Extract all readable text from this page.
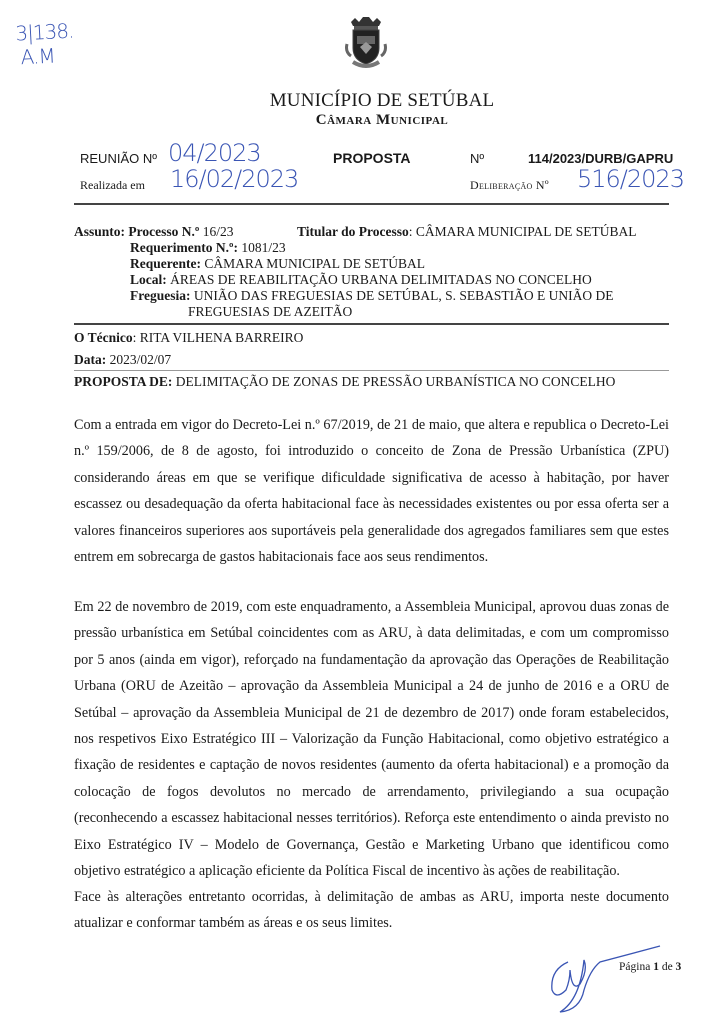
3|138.
A.M
MUNICÍPIO DE SETÚBAL
Câmara Municipal
REUNIÃO Nº 04/2023	PROPOSTA	Nº	114/2023/DURB/GAPRU
Realizada em 16/02/2023	Deliberação Nº 516/2023
Assunto: Processo N.º 16/23	Titular do Processo: CÂMARA MUNICIPAL DE SETÚBAL
Requerimento N.º: 1081/23
Requerente: CÂMARA MUNICIPAL DE SETÚBAL
Local: ÁREAS DE REABILITAÇÃO URBANA DELIMITADAS NO CONCELHO
Freguesia: UNIÃO DAS FREGUESIAS DE SETÚBAL, S. SEBASTIÃO E UNIÃO DE
FREGUESIAS DE AZEITÃO
O Técnico: RITA VILHENA BARREIRO
Data: 2023/02/07
PROPOSTA DE: DELIMITAÇÃO DE ZONAS DE PRESSÃO URBANÍSTICA NO CONCELHO

Com a entrada em vigor do Decreto-Lei n.º 67/2019, de 21 de maio, que altera e republica o Decreto-Lei n.º 159/2006, de 8 de agosto, foi introduzido o conceito de Zona de Pressão Urbanística (ZPU) considerando áreas em que se verifique dificuldade significativa de acesso à habitação, por haver escassez ou desadequação da oferta habitacional face às necessidades existentes ou por essa oferta ser a valores financeiros superiores aos suportáveis pela generalidade dos agregados familiares sem que estes entrem em sobrecarga de gastos habitacionais face aos seus rendimentos.

Em 22 de novembro de 2019, com este enquadramento, a Assembleia Municipal, aprovou duas zonas de pressão urbanística em Setúbal coincidentes com as ARU, à data delimitadas, e com um compromisso por 5 anos (ainda em vigor), reforçado na fundamentação da aprovação das Operações de Reabilitação Urbana (ORU de Azeitão – aprovação da Assembleia Municipal a 24 de junho de 2016 e a ORU de Setúbal – aprovação da Assembleia Municipal de 21 de dezembro de 2017) onde foram estabelecidos, nos respetivos Eixo Estratégico III – Valorização da Função Habitacional, como objetivo estratégico a fixação de residentes e captação de novos residentes (aumento da oferta habitacional) e a promoção da colocação de fogos devolutos no mercado de arrendamento, privilegiando a sua ocupação (reconhecendo a escassez habitacional nesses territórios). Reforça este entendimento o ainda previsto no Eixo Estratégico IV – Modelo de Governança, Gestão e Marketing Urbano que identificou como objetivo estratégico a aplicação eficiente da Política Fiscal de incentivo às ações de reabilitação.

Face às alterações entretanto ocorridas, à delimitação de ambas as ARU, importa neste documento atualizar e conformar também as áreas e os seus limites.

Página 1 de 3
